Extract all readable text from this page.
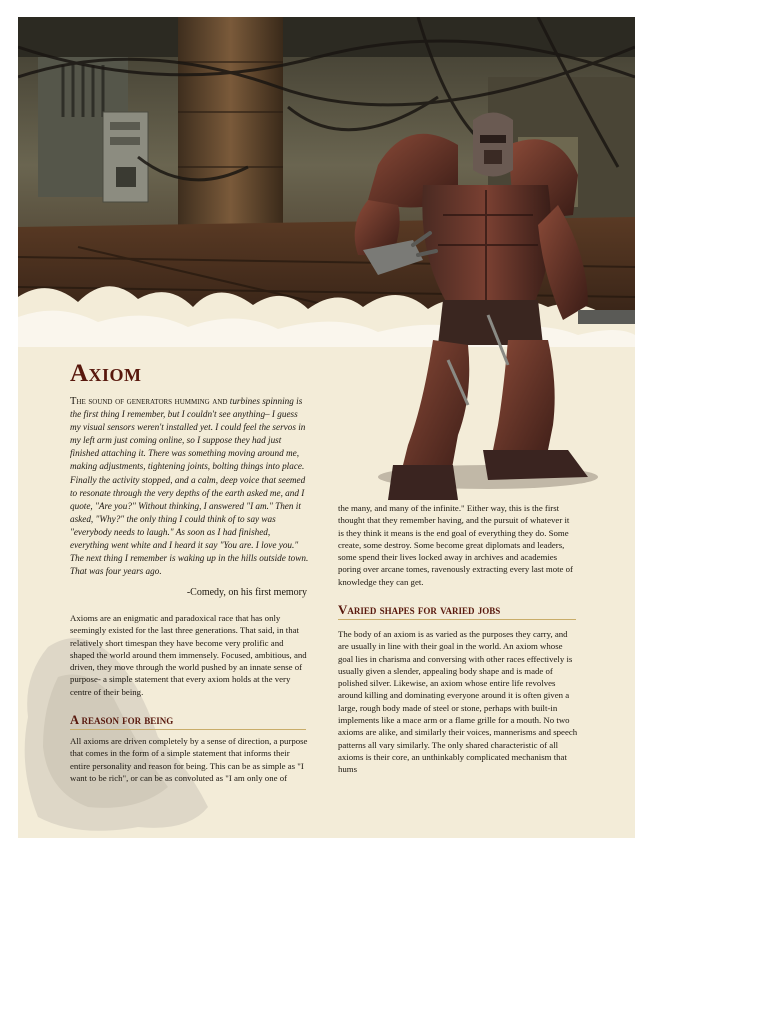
Axiom

The sound of generators humming and turbines spinning is the first thing I remember, but I couldn't see anything– I guess my visual sensors weren't installed yet. I could feel the servos in my left arm just coming online, so I suppose they had just finished attaching it. There was something moving around me, making adjustments, tightening joints, bolting things into place. Finally the activity stopped, and a calm, deep voice that seemed to resonate through the very depths of the earth asked me, and I quote, "Are you?" Without thinking, I answered "I am." Then it asked, "Why?" the only thing I could think of to say was "everybody needs to laugh." As soon as I had finished, everything went white and I heard it say "You are. I love you." The next thing I remember is waking up in the hills outside town. That was four years ago.

-Comedy, on his first memory

Axioms are an enigmatic and paradoxical race that has only seemingly existed for the last three generations. That said, in that relatively short timespan they have become very prolific and shaped the world around them immensely. Focused, ambitious, and driven, they move through the world pushed by an innate sense of purpose- a simple statement that every axiom holds at the very centre of their being.

A reason for being

All axioms are driven completely by a sense of direction, a purpose that comes in the form of a simple statement that informs their entire personality and reason for being. This can be as simple as "I want to be rich", or can be as convoluted as "I am only one of

the many, and many of the infinite." Either way, this is the first thought that they remember having, and the pursuit of whatever it is they think it means is the end goal of everything they do. Some create, some destroy. Some become great diplomats and leaders, some spend their lives locked away in archives and academies poring over arcane tomes, ravenously extracting every last mote of knowledge they can get.

Varied shapes for varied jobs

The body of an axiom is as varied as the purposes they carry, and are usually in line with their goal in the world. An axiom whose goal lies in charisma and conversing with other races effectively is usually given a slender, appealing body shape and is made of polished silver. Likewise, an axiom whose entire life revolves around killing and dominating everyone around it is often given a large, rough body made of steel or stone, perhaps with built-in implements like a mace arm or a flame grille for a mouth. No two axioms are alike, and similarly their voices, mannerisms and speech patterns all vary similarly. The only shared characteristic of all axioms is their core, an unthinkably complicated mechanism that hums
